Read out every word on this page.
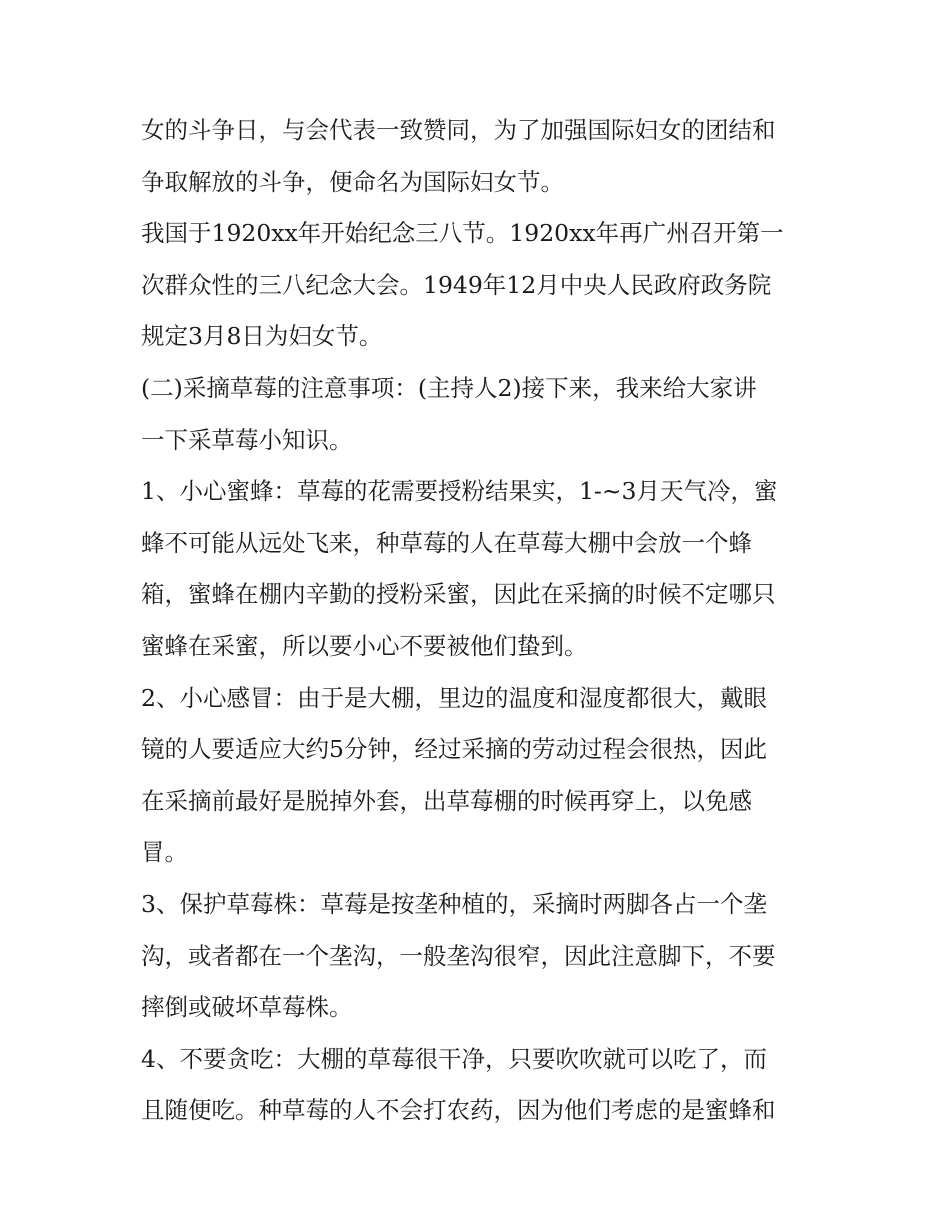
女的斗争日，与会代表一致赞同，为了加强国际妇女的团结和
争取解放的斗争，便命名为国际妇女节。
我国于1920xx年开始纪念三八节。1920xx年再广州召开第一
次群众性的三八纪念大会。1949年12月中央人民政府政务院
规定3月8日为妇女节。
(二)采摘草莓的注意事项：(主持人2)接下来，我来给大家讲
一下采草莓小知识。
1、小心蜜蜂：草莓的花需要授粉结果实，1-~3月天气冷，蜜
蜂不可能从远处飞来，种草莓的人在草莓大棚中会放一个蜂
箱，蜜蜂在棚内辛勤的授粉采蜜，因此在采摘的时候不定哪只
蜜蜂在采蜜，所以要小心不要被他们蛰到。
2、小心感冒：由于是大棚，里边的温度和湿度都很大，戴眼
镜的人要适应大约5分钟，经过采摘的劳动过程会很热，因此
在采摘前最好是脱掉外套，出草莓棚的时候再穿上，以免感
冒。
3、保护草莓株：草莓是按垄种植的，采摘时两脚各占一个垄
沟，或者都在一个垄沟，一般垄沟很窄，因此注意脚下，不要
摔倒或破坏草莓株。
4、不要贪吃：大棚的草莓很干净，只要吹吹就可以吃了，而
且随便吃。种草莓的人不会打农药，因为他们考虑的是蜜蜂和
